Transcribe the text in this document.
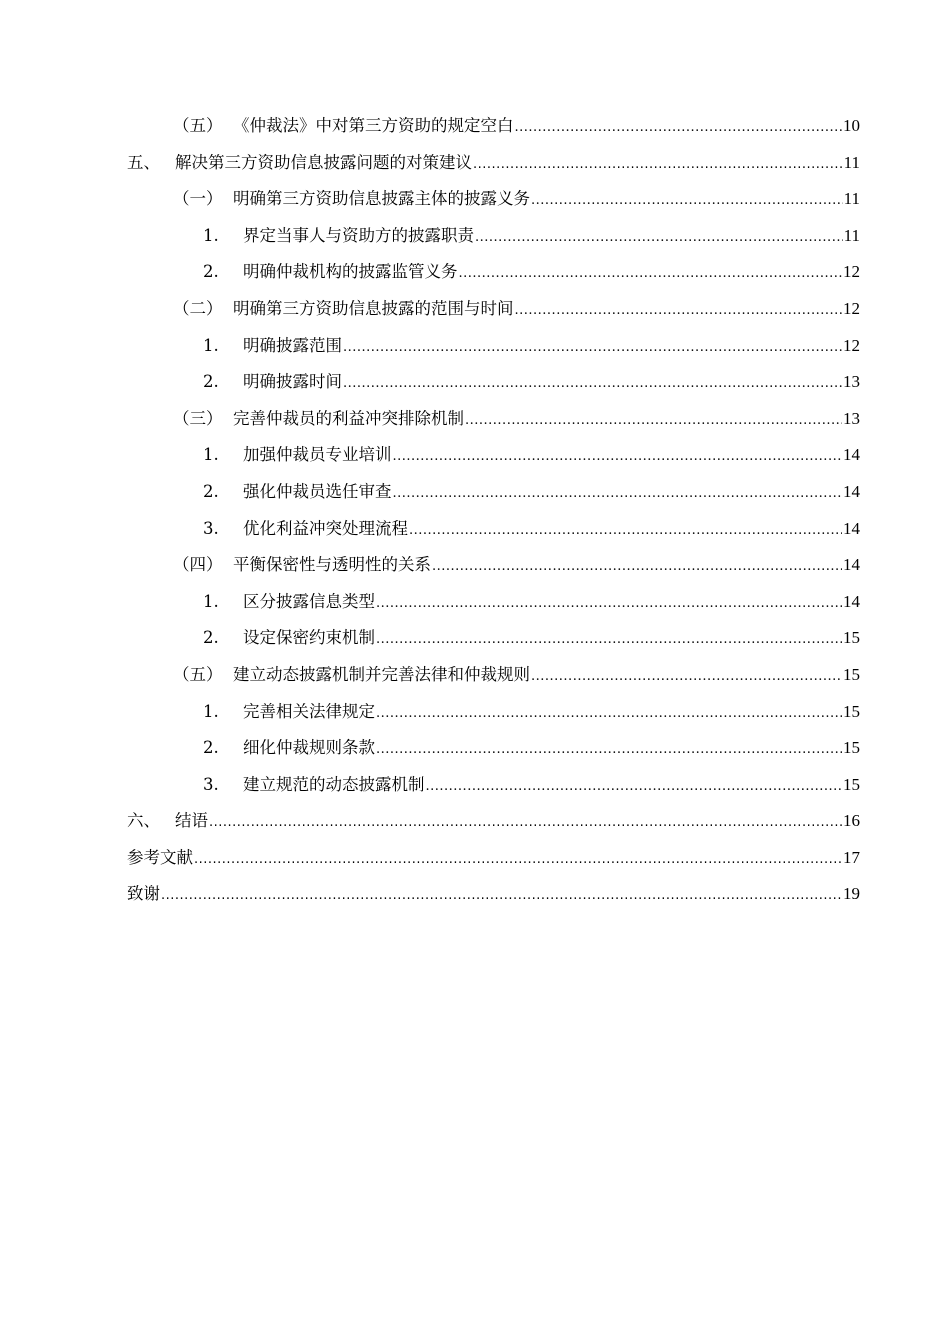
（五） 《仲裁法》中对第三方资助的规定空白 .....	10
五、 解决第三方资助信息披露问题的对策建议 .....	11
（一） 明确第三方资助信息披露主体的披露义务 .....	11
1.	界定当事人与资助方的披露职责 .....	11
2.	明确仲裁机构的披露监管义务 .....	12
（二） 明确第三方资助信息披露的范围与时间 .....	12
1.	明确披露范围 .....	12
2.	明确披露时间 .....	13
（三） 完善仲裁员的利益冲突排除机制 .....	13
1.	加强仲裁员专业培训 .....	14
2.	强化仲裁员选任审查 .....	14
3.	优化利益冲突处理流程 .....	14
（四） 平衡保密性与透明性的关系 .....	14
1.	区分披露信息类型 .....	14
2.	设定保密约束机制 .....	15
（五） 建立动态披露机制并完善法律和仲裁规则 .....	15
1.	完善相关法律规定 .....	15
2.	细化仲裁规则条款 .....	15
3.	建立规范的动态披露机制 .....	15
六、 结语 .....	16
参考文献 .....	17
致谢 .....	19
